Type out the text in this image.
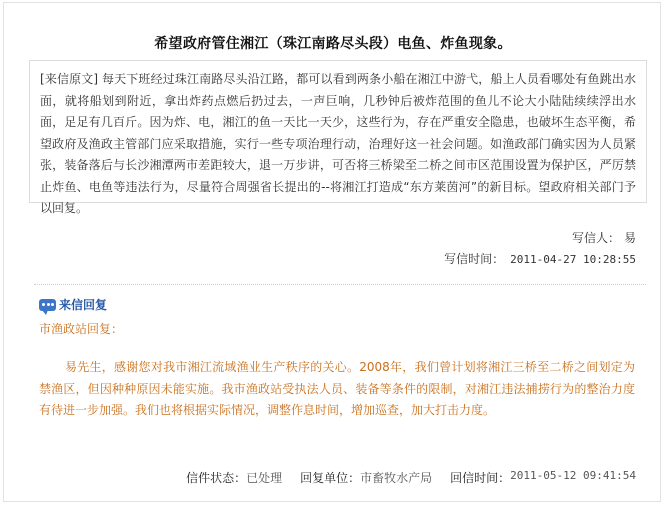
希望政府管住湘江（珠江南路尽头段）电鱼、炸鱼现象。
[来信原文] 每天下班经过珠江南路尽头沿江路，都可以看到两条小船在湘江中游弋，船上人员看哪处有鱼跳出水面，就将船划到附近，拿出炸药点燃后扔过去，一声巨响，几秒钟后被炸范围的鱼儿不论大小陆陆续续浮出水面，足足有几百斤。因为炸、电，湘江的鱼一天比一天少，这些行为，存在严重安全隐患，也破坏生态平衡，希望政府及渔政主管部门应采取措施，实行一些专项治理行动，治理好这一社会问题。如渔政部门确实因为人员紧张，装备落后与长沙湘潭两市差距较大，退一万步讲，可否将三桥梁至二桥之间市区范围设置为保护区，严厉禁止炸鱼、电鱼等违法行为，尽量符合周强省长提出的--将湘江打造成“东方莱茵河”的新目标。望政府相关部门予以回复。
写信人： 易
写信时间： 2011-04-27 10:28:55
来信回复
市渔政站回复：
易先生，感谢您对我市湘江流域渔业生产秩序的关心。2008年，我们曾计划将湘江三桥至二桥之间划定为禁渔区，但因种种原因未能实施。我市渔政站受执法人员、装备等条件的限制，对湘江违法捕捞行为的整治力度有待进一步加强。我们也将根据实际情况，调整作息时间，增加巡查，加大打击力度。
信件状态： 已处理 回复单位： 市畜牧水产局 回信时间： 2011-05-12 09:41:54
